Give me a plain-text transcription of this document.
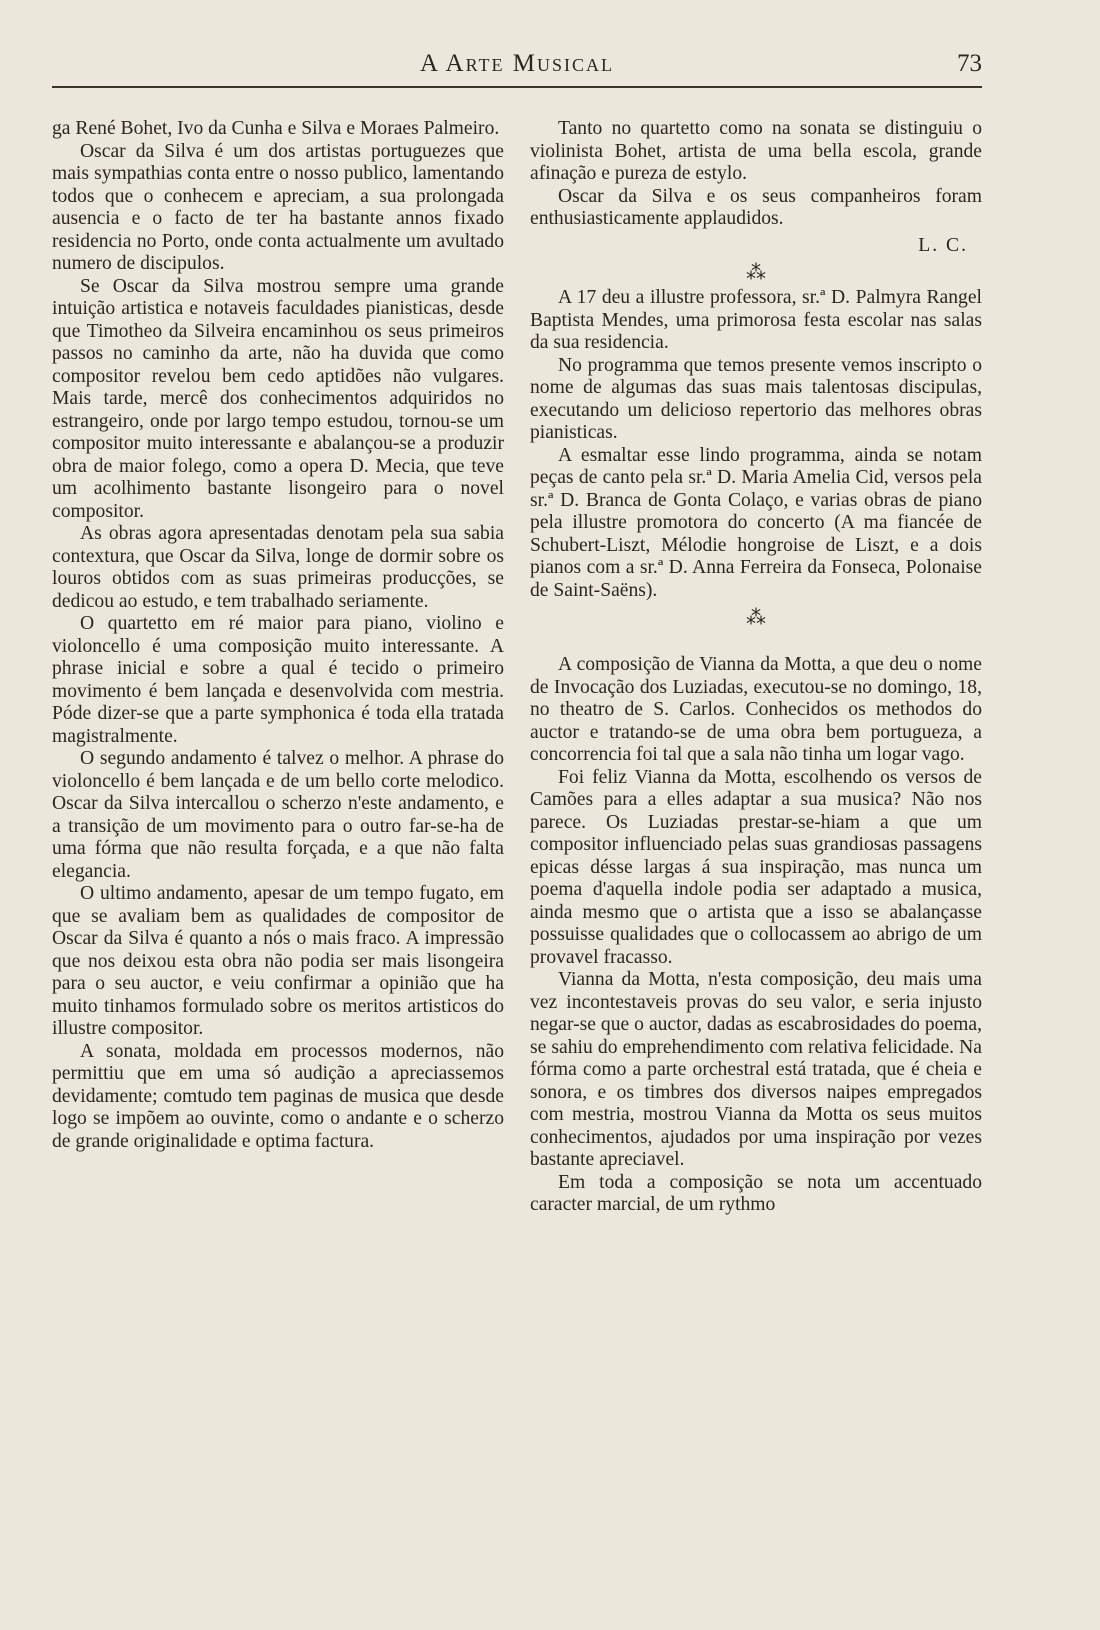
A Arte Musical	73

ga René Bohet, Ivo da Cunha e Silva e Moraes Palmeiro.

Oscar da Silva é um dos artistas portuguezes que mais sympathias conta entre o nosso publico, lamentando todos que o conhecem e apreciam, a sua prolongada ausencia e o facto de ter ha bastante annos fixado residencia no Porto, onde conta actualmente um avultado numero de discipulos.

Se Oscar da Silva mostrou sempre uma grande intuição artistica e notaveis faculdades pianisticas, desde que Timotheo da Silveira encaminhou os seus primeiros passos no caminho da arte, não ha duvida que como compositor revelou bem cedo aptidões não vulgares. Mais tarde, mercê dos conhecimentos adquiridos no estrangeiro, onde por largo tempo estudou, tornou-se um compositor muito interessante e abalançou-se a produzir obra de maior folego, como a opera D. Mecia, que teve um acolhimento bastante lisongeiro para o novel compositor.

As obras agora apresentadas denotam pela sua sabia contextura, que Oscar da Silva, longe de dormir sobre os louros obtidos com as suas primeiras producções, se dedicou ao estudo, e tem trabalhado seriamente.

O quartetto em ré maior para piano, violino e violoncello é uma composição muito interessante. A phrase inicial e sobre a qual é tecido o primeiro movimento é bem lançada e desenvolvida com mestria. Póde dizer-se que a parte symphonica é toda ella tratada magistralmente.

O segundo andamento é talvez o melhor. A phrase do violoncello é bem lançada e de um bello corte melodico. Oscar da Silva intercallou o scherzo n'este andamento, e a transição de um movimento para o outro far-se-ha de uma fórma que não resulta forçada, e a que não falta elegancia.

O ultimo andamento, apesar de um tempo fugato, em que se avaliam bem as qualidades de compositor de Oscar da Silva é quanto a nós o mais fraco. A impressão que nos deixou esta obra não podia ser mais lisongeira para o seu auctor, e veiu confirmar a opinião que ha muito tinhamos formulado sobre os meritos artisticos do illustre compositor.

A sonata, moldada em processos modernos, não permittiu que em uma só audição a apreciassemos devidamente; comtudo tem paginas de musica que desde logo se impõem ao ouvinte, como o andante e o scherzo de grande originalidade e optima factura.

Tanto no quartetto como na sonata se distinguiu o violinista Bohet, artista de uma bella escola, grande afinação e pureza de estylo.

Oscar da Silva e os seus companheiros foram enthusiasticamente applaudidos.

L. C.
⁂

A 17 deu a illustre professora, sr.ª D. Palmyra Rangel Baptista Mendes, uma primorosa festa escolar nas salas da sua residencia.

No programma que temos presente vemos inscripto o nome de algumas das suas mais talentosas discipulas, executando um delicioso repertorio das melhores obras pianisticas.

A esmaltar esse lindo programma, ainda se notam peças de canto pela sr.ª D. Maria Amelia Cid, versos pela sr.ª D. Branca de Gonta Colaço, e varias obras de piano pela illustre promotora do concerto (A ma fiancée de Schubert-Liszt, Mélodie hongroise de Liszt, e a dois pianos com a sr.ª D. Anna Ferreira da Fonseca, Polonaise de Saint-Saëns).

⁂

A composição de Vianna da Motta, a que deu o nome de Invocação dos Luziadas, executou-se no domingo, 18, no theatro de S. Carlos. Conhecidos os methodos do auctor e tratando-se de uma obra bem portugueza, a concorrencia foi tal que a sala não tinha um logar vago.

Foi feliz Vianna da Motta, escolhendo os versos de Camões para a elles adaptar a sua musica? Não nos parece. Os Luziadas prestar-se-hiam a que um compositor influenciado pelas suas grandiosas passagens epicas désse largas á sua inspiração, mas nunca um poema d'aquella indole podia ser adaptado a musica, ainda mesmo que o artista que a isso se abalançasse possuisse qualidades que o collocassem ao abrigo de um provavel fracasso.

Vianna da Motta, n'esta composição, deu mais uma vez incontestaveis provas do seu valor, e seria injusto negar-se que o auctor, dadas as escabrosidades do poema, se sahiu do emprehendimento com relativa felicidade. Na fórma como a parte orchestral está tratada, que é cheia e sonora, e os timbres dos diversos naipes empregados com mestria, mostrou Vianna da Motta os seus muitos conhecimentos, ajudados por uma inspiração por vezes bastante apreciavel.

Em toda a composição se nota um accentuado caracter marcial, de um rythmo
